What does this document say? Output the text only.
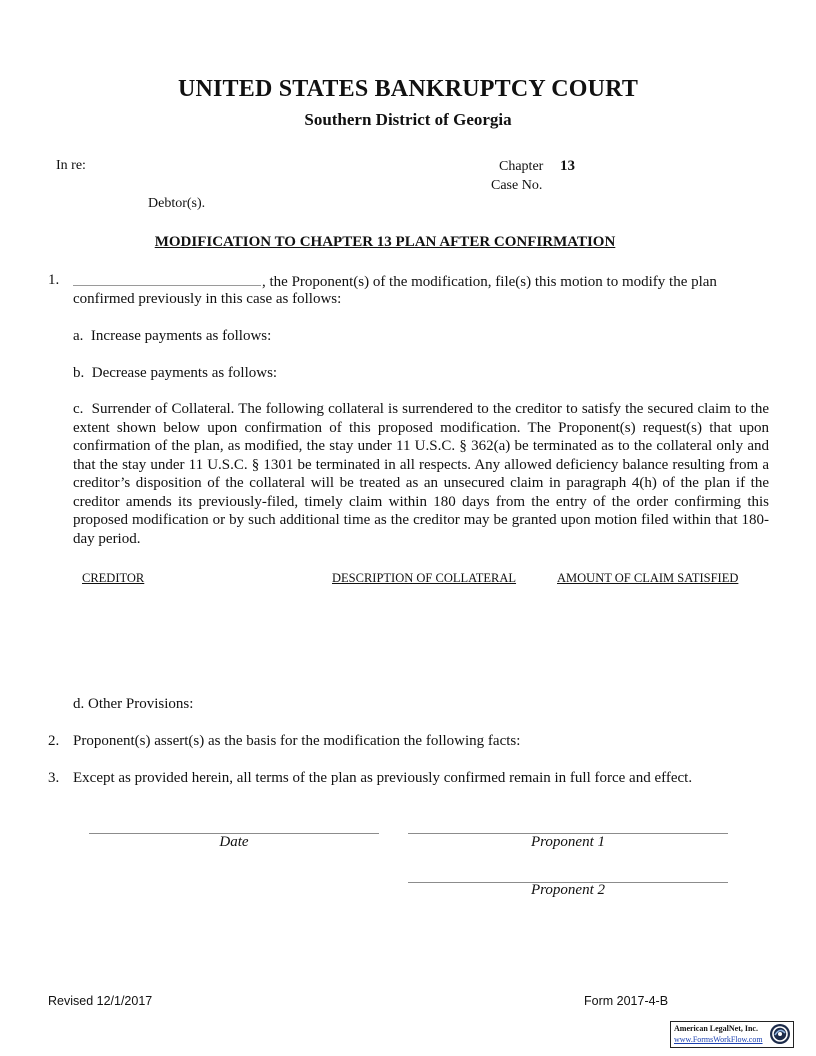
UNITED STATES BANKRUPTCY COURT
Southern District of Georgia
In re:	Chapter 13
Case No.
Debtor(s).
MODIFICATION TO CHAPTER 13 PLAN AFTER CONFIRMATION
1.	, the Proponent(s) of the modification, file(s) this motion to modify the plan
confirmed previously in this case as follows:
a. Increase payments as follows:
b. Decrease payments as follows:
c. Surrender of Collateral. The following collateral is surrendered to the creditor to satisfy the secured claim to the extent shown below upon confirmation of this proposed modification. The Proponent(s) request(s) that upon confirmation of the plan, as modified, the stay under 11 U.S.C. § 362(a) be terminated as to the collateral only and that the stay under 11 U.S.C. § 1301 be terminated in all respects. Any allowed deficiency balance resulting from a creditor’s disposition of the collateral will be treated as an unsecured claim in paragraph 4(h) of the plan if the creditor amends its previously-filed, timely claim within 180 days from the entry of the order confirming this proposed modification or by such additional time as the creditor may be granted upon motion filed within that 180-day period.
CREDITOR	DESCRIPTION OF COLLATERAL	AMOUNT OF CLAIM SATISFIED
d. Other Provisions:
2. Proponent(s) assert(s) as the basis for the modification the following facts:
3. Except as provided herein, all terms of the plan as previously confirmed remain in full force and effect.
Date	Proponent 1
Proponent 2
Revised 12/1/2017	Form 2017-4-B
American LegalNet, Inc.
www.FormsWorkFlow.com
